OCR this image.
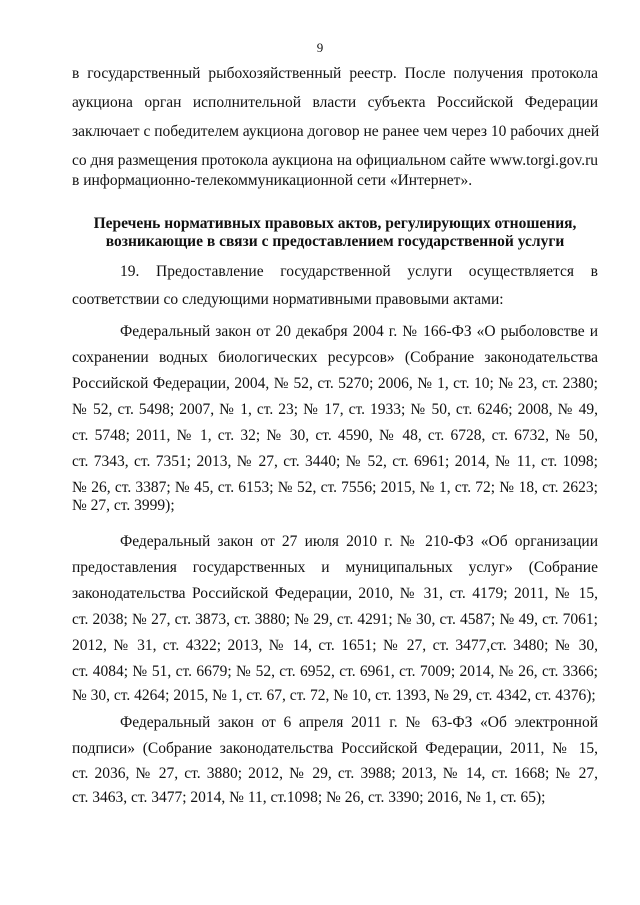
9
в государственный рыбохозяйственный реестр. После получения протокола
аукциона орган исполнительной власти субъекта Российской Федерации
заключает с победителем аукциона договор не ранее чем через 10 рабочих дней
со дня размещения протокола аукциона на официальном сайте www.torgi.gov.ru
в информационно-телекоммуникационной сети «Интернет».
Перечень нормативных правовых актов, регулирующих отношения,
возникающие в связи с предоставлением государственной услуги
19. Предоставление государственной услуги осуществляется в
соответствии со следующими нормативными правовыми актами:
Федеральный закон от 20 декабря 2004 г. № 166-ФЗ «О рыболовстве и
сохранении водных биологических ресурсов» (Собрание законодательства
Российской Федерации, 2004, № 52, ст. 5270; 2006, № 1, ст. 10; № 23, ст. 2380;
№ 52, ст. 5498; 2007, № 1, ст. 23; № 17, ст. 1933; № 50, ст. 6246; 2008, № 49,
ст. 5748; 2011, № 1, ст. 32; № 30, ст. 4590, № 48, ст. 6728, ст. 6732, № 50,
ст. 7343, ст. 7351; 2013, № 27, ст. 3440; № 52, ст. 6961; 2014, № 11, ст. 1098;
№ 26, ст. 3387; № 45, ст. 6153; № 52, ст. 7556; 2015, № 1, ст. 72; № 18, ст. 2623;
№ 27, ст. 3999);
Федеральный закон от 27 июля 2010 г. № 210-ФЗ «Об организации
предоставления государственных и муниципальных услуг» (Собрание
законодательства Российской Федерации, 2010, № 31, ст. 4179; 2011, № 15,
ст. 2038; № 27, ст. 3873, ст. 3880; № 29, ст. 4291; № 30, ст. 4587; № 49, ст. 7061;
2012, № 31, ст. 4322; 2013, № 14, ст. 1651; № 27, ст. 3477,ст. 3480; № 30,
ст. 4084; № 51, ст. 6679; № 52, ст. 6952, ст. 6961, ст. 7009; 2014, № 26, ст. 3366;
№ 30, ст. 4264; 2015, № 1, ст. 67, ст. 72, № 10, ст. 1393, № 29, ст. 4342, ст. 4376);
Федеральный закон от 6 апреля 2011 г. № 63-ФЗ «Об электронной
подписи» (Собрание законодательства Российской Федерации, 2011, № 15,
ст. 2036, № 27, ст. 3880; 2012, № 29, ст. 3988; 2013, № 14, ст. 1668; № 27,
ст. 3463, ст. 3477; 2014, № 11, ст.1098; № 26, ст. 3390; 2016, № 1, ст. 65);
